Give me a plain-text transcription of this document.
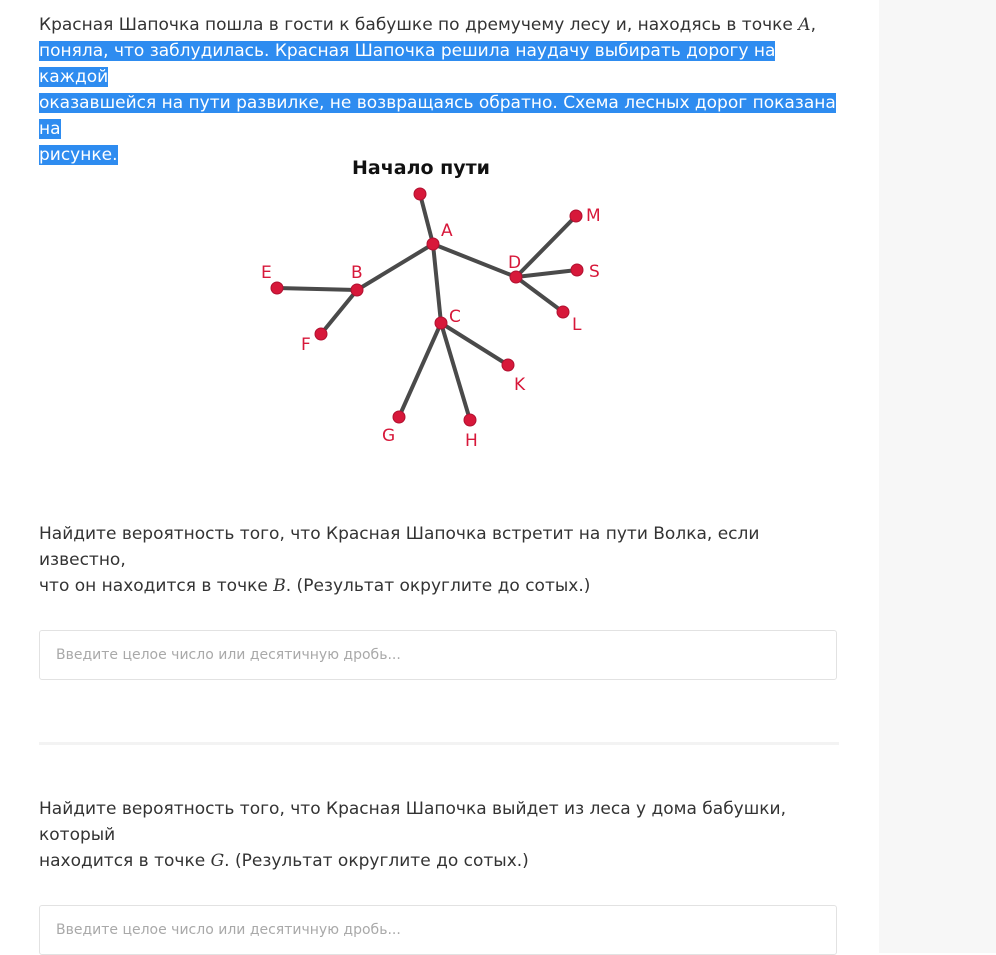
Красная Шапочка пошла в гости к бабушке по дремучему лесу и, находясь в точке A,

поняла, что заблудилась. Красная Шапочка решила наудачу выбирать дорогу на каждой

оказавшейся на пути развилке, не возвращаясь обратно. Схема лесных дорог показана на

рисунке.

Начало пути
A
B
C
D
E
F
G	H
K
L
M
S

Найдите вероятность того, что Красная Шапочка встретит на пути Волка, если известно,

что он находится в точке B. (Результат округлите до сотых.)

Введите целое число или десятичную дробь...

Найдите вероятность того, что Красная Шапочка выйдет из леса у дома бабушки, который

находится в точке G. (Результат округлите до сотых.)

Введите целое число или десятичную дробь...
